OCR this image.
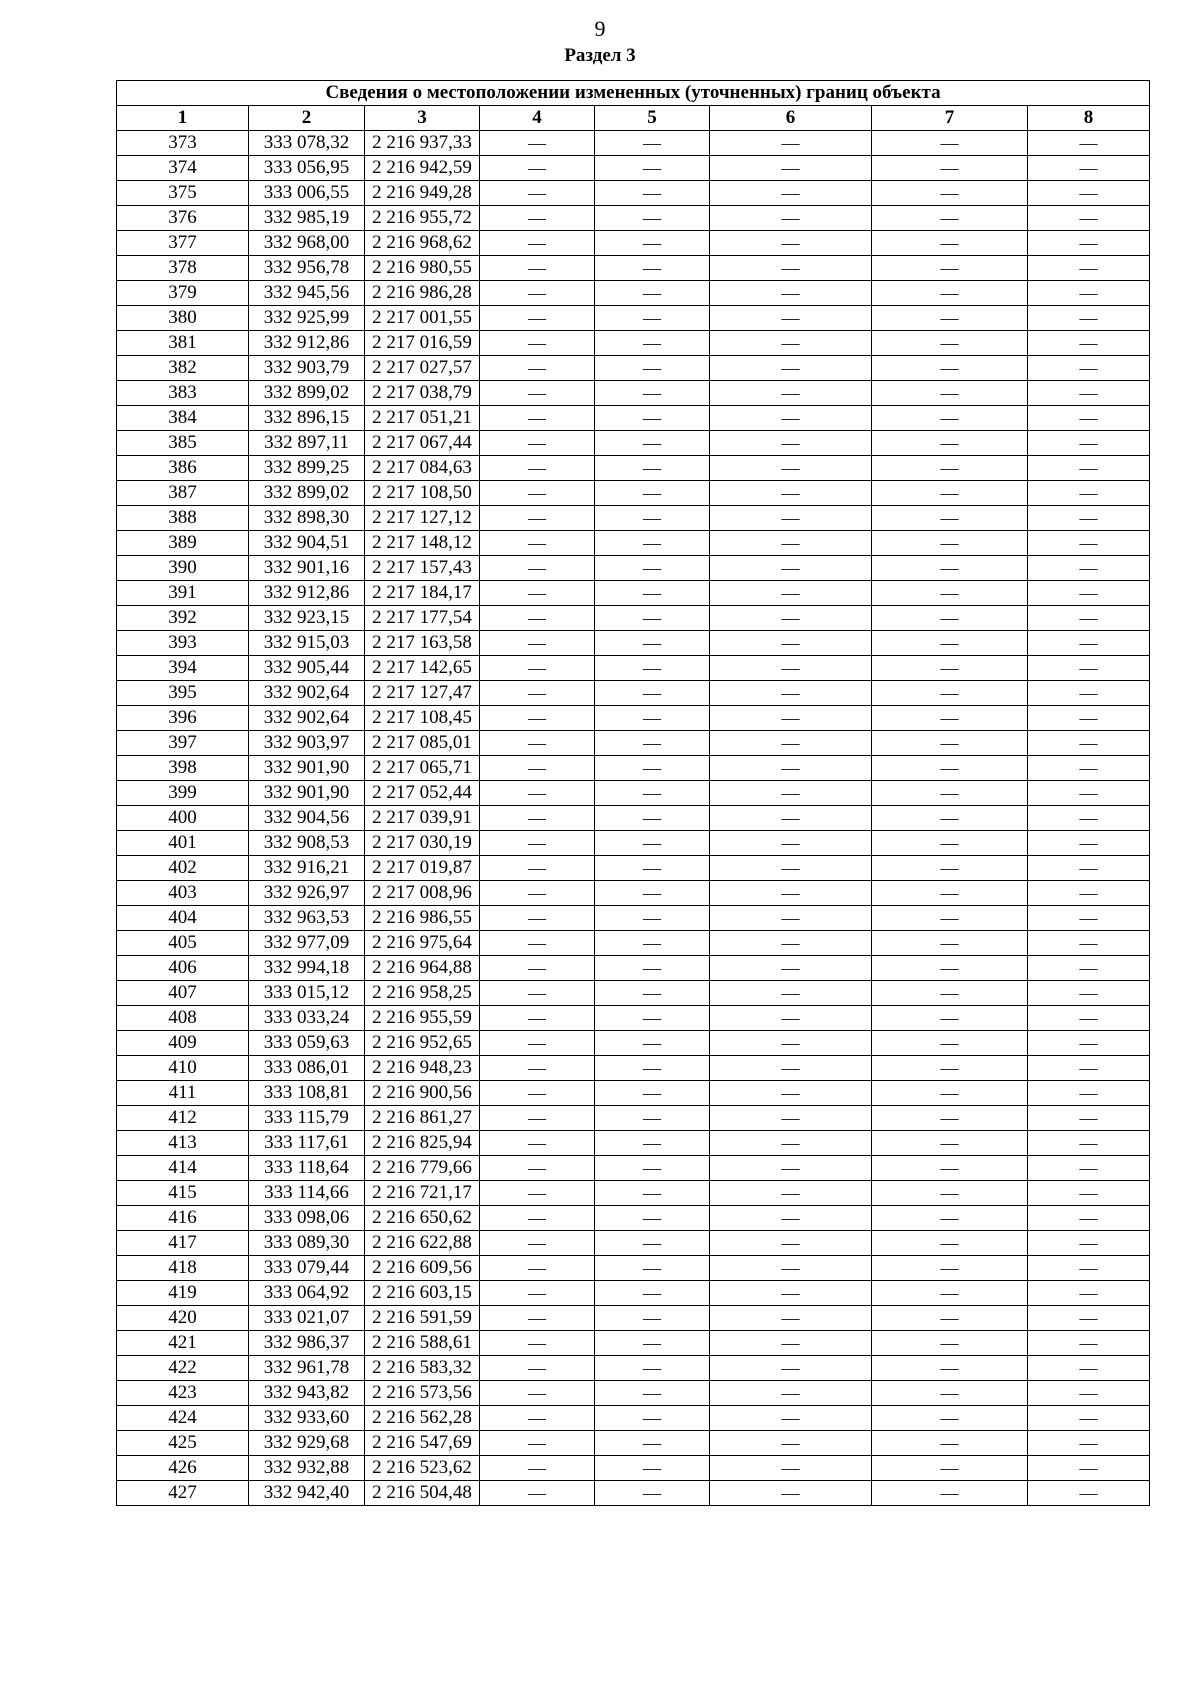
9
Раздел 3
Сведения о местоположении измененных (уточненных) границ объекта							
1	2	3	4	5	6	7	8
373	333 078,32	2 216 937,33	—	—	—	—	—
374	333 056,95	2 216 942,59	—	—	—	—	—
375	333 006,55	2 216 949,28	—	—	—	—	—
376	332 985,19	2 216 955,72	—	—	—	—	—
377	332 968,00	2 216 968,62	—	—	—	—	—
378	332 956,78	2 216 980,55	—	—	—	—	—
379	332 945,56	2 216 986,28	—	—	—	—	—
380	332 925,99	2 217 001,55	—	—	—	—	—
381	332 912,86	2 217 016,59	—	—	—	—	—
382	332 903,79	2 217 027,57	—	—	—	—	—
383	332 899,02	2 217 038,79	—	—	—	—	—
384	332 896,15	2 217 051,21	—	—	—	—	—
385	332 897,11	2 217 067,44	—	—	—	—	—
386	332 899,25	2 217 084,63	—	—	—	—	—
387	332 899,02	2 217 108,50	—	—	—	—	—
388	332 898,30	2 217 127,12	—	—	—	—	—
389	332 904,51	2 217 148,12	—	—	—	—	—
390	332 901,16	2 217 157,43	—	—	—	—	—
391	332 912,86	2 217 184,17	—	—	—	—	—
392	332 923,15	2 217 177,54	—	—	—	—	—
393	332 915,03	2 217 163,58	—	—	—	—	—
394	332 905,44	2 217 142,65	—	—	—	—	—
395	332 902,64	2 217 127,47	—	—	—	—	—
396	332 902,64	2 217 108,45	—	—	—	—	—
397	332 903,97	2 217 085,01	—	—	—	—	—
398	332 901,90	2 217 065,71	—	—	—	—	—
399	332 901,90	2 217 052,44	—	—	—	—	—
400	332 904,56	2 217 039,91	—	—	—	—	—
401	332 908,53	2 217 030,19	—	—	—	—	—
402	332 916,21	2 217 019,87	—	—	—	—	—
403	332 926,97	2 217 008,96	—	—	—	—	—
404	332 963,53	2 216 986,55	—	—	—	—	—
405	332 977,09	2 216 975,64	—	—	—	—	—
406	332 994,18	2 216 964,88	—	—	—	—	—
407	333 015,12	2 216 958,25	—	—	—	—	—
408	333 033,24	2 216 955,59	—	—	—	—	—
409	333 059,63	2 216 952,65	—	—	—	—	—
410	333 086,01	2 216 948,23	—	—	—	—	—
411	333 108,81	2 216 900,56	—	—	—	—	—
412	333 115,79	2 216 861,27	—	—	—	—	—
413	333 117,61	2 216 825,94	—	—	—	—	—
414	333 118,64	2 216 779,66	—	—	—	—	—
415	333 114,66	2 216 721,17	—	—	—	—	—
416	333 098,06	2 216 650,62	—	—	—	—	—
417	333 089,30	2 216 622,88	—	—	—	—	—
418	333 079,44	2 216 609,56	—	—	—	—	—
419	333 064,92	2 216 603,15	—	—	—	—	—
420	333 021,07	2 216 591,59	—	—	—	—	—
421	332 986,37	2 216 588,61	—	—	—	—	—
422	332 961,78	2 216 583,32	—	—	—	—	—
423	332 943,82	2 216 573,56	—	—	—	—	—
424	332 933,60	2 216 562,28	—	—	—	—	—
425	332 929,68	2 216 547,69	—	—	—	—	—
426	332 932,88	2 216 523,62	—	—	—	—	—
427	332 942,40	2 216 504,48	—	—	—	—	—
